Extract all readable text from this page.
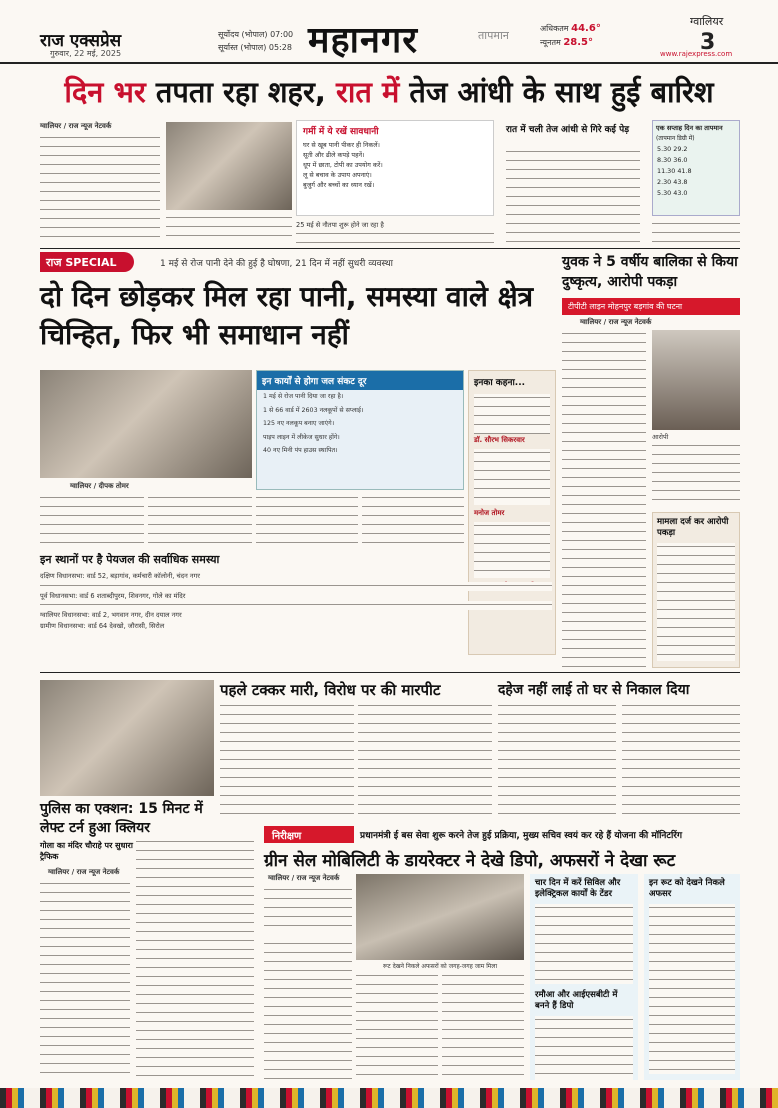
राज एक्सप्रेस
गुरुवार, 22 मई, 2025
सूर्योदय (भोपाल) 07:00
सूर्यास्त (भोपाल) 05:28 महानगर	तापमान
अधिकतम 44.6°
न्यूनतम 28.5°
ग्वालियर
3
www.rajexpress.com
दिन भर तपता रहा शहर, रात में तेज आंधी के साथ हुई बारिश
ग्वालियर / राज न्यूज नेटवर्क
गर्मी में ये रखें सावधानी
घर से खूब पानी पीकर ही निकलें।
सूती और ढीले कपड़े पहनें।
धूप में छाता, टोपी का उपयोग करें।
लू से बचाव के उपाय अपनाएं।
बुजुर्ग और बच्चों का ध्यान रखें।
25 मई से नौतपा शुरू होने जा रहा है
रात में चली तेज आंधी से गिरे कई पेड़	एक सप्ताह दिन का तापमान
(तापमान डिग्री में)
5.30 29.2
8.30 36.0
11.30 41.8
2.30 43.8
5.30 43.0
राज SPECIAL	1 मई से रोज पानी देने की हुई है घोषणा, 21 दिन में नहीं सुधरी व्यवस्था
दो दिन छोड़कर मिल रहा पानी, समस्या वाले क्षेत्र चिन्हित, फिर भी समाधान नहीं
ग्वालियर / दीपक तोमर
इन कार्यों से होगा जल संकट दूर
1 मई से रोज पानी दिया जा रहा है।
1 से 66 वार्ड में 2603 नलकूपों से सप्लाई।
125 नए नलकूप बनाए जाएंगे।
पाइप लाइन में लीकेज सुधार होंगे।
40 नए मिनी पंप हाउस स्थापित।
इनका कहना...
डॉ. सौरभ सिकरवार
मनोज तोमर
इन स्थानों पर है पेयजल की सर्वाधिक समस्या

दक्षिण विधानसभा: वार्ड 52, बड़ागांव, कर्मचारी कॉलोनी, चंदन नगर

पूर्व विधानसभा: वार्ड 6 शताब्दीपुरम, शिवनगर, गोले का मंदिर

ग्वालियर विधानसभा: वार्ड 2, भगवान नगर, दीन दयाल नगर

ग्रामीण विधानसभा: वार्ड 64 देवखो, जौरासी, सिरोल

युवक ने 5 वर्षीय बालिका से किया दुष्कृत्य, आरोपी पकड़ा
टीपीटी लाइन मोहनपुर बड़गांव की घटना
ग्वालियर / राज न्यूज नेटवर्क
आरोपी
मामला दर्ज कर आरोपी पकड़ा
पुलिस का एक्शन: 15 मिनट में लेफ्ट टर्न हुआ क्लियर
गोला का मंदिर चौराहे पर सुधारा ट्रैफिक
ग्वालियर / राज न्यूज नेटवर्क
पहले टक्कर मारी, विरोध पर की मारपीट	दहेज नहीं लाई तो घर से निकाल दिया
निरीक्षण	प्रधानमंत्री ई बस सेवा शुरू करने तेज हुई प्रक्रिया, मुख्य सचिव स्वयं कर रहे हैं योजना की मॉनिटरिंग
ग्रीन सेल मोबिलिटी के डायरेक्टर ने देखे डिपो, अफसरों ने देखा रूट
ग्वालियर / राज न्यूज नेटवर्क
रूट देखने निकले अफसरों को जगह-जगह जाम मिला
चार दिन में करें सिविल और इलेक्ट्रिकल कार्यों के टेंडर
रमौआ और आईएसबीटी में बनने हैं डिपो
इन रूट को देखने निकले अफसर
